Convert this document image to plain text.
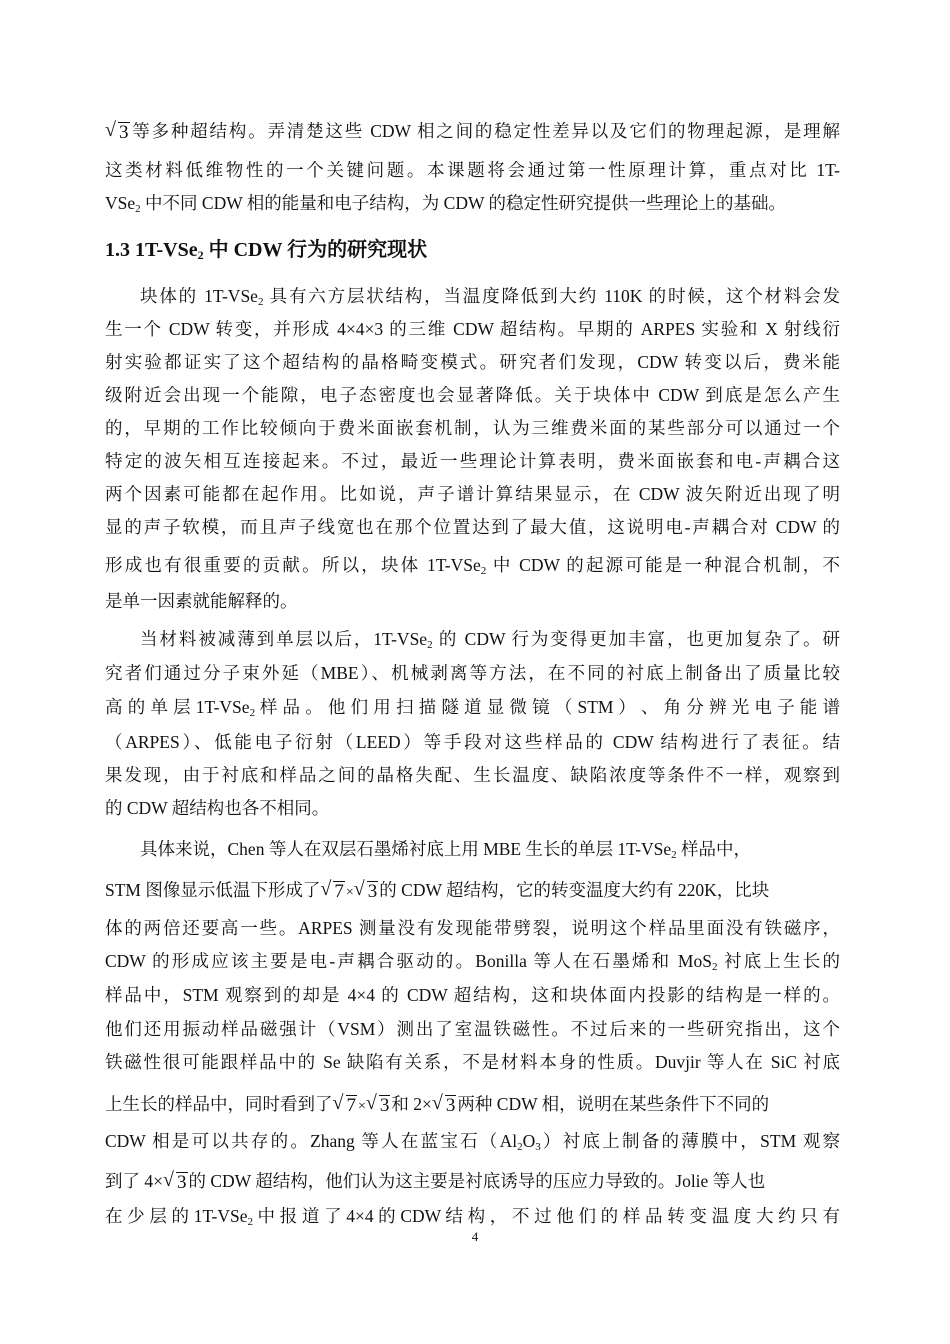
√ 3 等多种超结构。弄清楚这些 CDW 相之间的稳定性差异以及它们的物理起源，是理解
这类材料低维物性的一个关键问题。本课题将会通过第一性原理计算，重点对比 1T-
VSe$_2$ 中不同 CDW 相的能量和电子结构，为 CDW 的稳定性研究提供一些理论上的基础。
1.3 1T-VSe$_2$ 中 CDW 行为的研究现状
块体的 1T-VSe$_2$ 具有六方层状结构，当温度降低到大约 110K 的时候，这个材料会发
生一个 CDW 转变，并形成 4×4×3 的三维 CDW 超结构。早期的 ARPES 实验和 X 射线衍
射实验都证实了这个超结构的晶格畸变模式。研究者们发现，CDW 转变以后，费米能
级附近会出现一个能隙，电子态密度也会显著降低。关于块体中 CDW 到底是怎么产生
的，早期的工作比较倾向于费米面嵌套机制，认为三维费米面的某些部分可以通过一个
特定的波矢相互连接起来。不过，最近一些理论计算表明，费米面嵌套和电-声耦合这
两个因素可能都在起作用。比如说，声子谱计算结果显示，在 CDW 波矢附近出现了明
显的声子软模，而且声子线宽也在那个位置达到了最大值，这说明电-声耦合对 CDW 的
形成也有很重要的贡献。所以，块体 1T-VSe$_2$ 中 CDW 的起源可能是一种混合机制，不
是单一因素就能解释的。
当材料被减薄到单层以后，1T-VSe$_2$ 的 CDW 行为变得更加丰富，也更加复杂了。研
究者们通过分子束外延（MBE）、机械剥离等方法，在不同的衬底上制备出了质量比较
高 的 单 层 1T-VSe$_2$ 样 品 。 他 们 用 扫 描 隧 道 显 微 镜 （ STM ） 、 角 分 辨 光 电 子 能 谱
（ARPES）、低能电子衍射（LEED）等手段对这些样品的 CDW 结构进行了表征。结
果发现，由于衬底和样品之间的晶格失配、生长温度、缺陷浓度等条件不一样，观察到
的 CDW 超结构也各不相同。
具体来说，Chen 等人在双层石墨烯衬底上用 MBE 生长的单层 1T-VSe$_2$ 样品中，
STM 图像显示低温下形成了 √ 7 × √ 3 的 CDW 超结构，它的转变温度大约有 220K，比块
体的两倍还要高一些。ARPES 测量没有发现能带劈裂，说明这个样品里面没有铁磁序，
CDW 的形成应该主要是电-声耦合驱动的。Bonilla 等人在石墨烯和 MoS$_2$ 衬底上生长的
样品中，STM 观察到的却是 4×4 的 CDW 超结构，这和块体面内投影的结构是一样的。
他们还用振动样品磁强计（VSM）测出了室温铁磁性。不过后来的一些研究指出，这个
铁磁性很可能跟样品中的 Se 缺陷有关系，不是材料本身的性质。Duvjir 等人在 SiC 衬底
上生长的样品中，同时看到了 √ 7 × √ 3 和 2× √ 3 两种 CDW 相，说明在某些条件下不同的
CDW 相是可以共存的。Zhang 等人在蓝宝石$(Al_2O_3)$衬底上制备的薄膜中，STM 观察
到了 4× √ 3 的 CDW 超结构，他们认为这主要是衬底诱导的压应力导致的。Jolie 等人也
在 少 层 的 1T-VSe$_2$ 中 报 道 了 4×4 的 CDW 结 构 ， 不 过 他 们 的 样 品 转 变 温 度 大 约 只 有
4
